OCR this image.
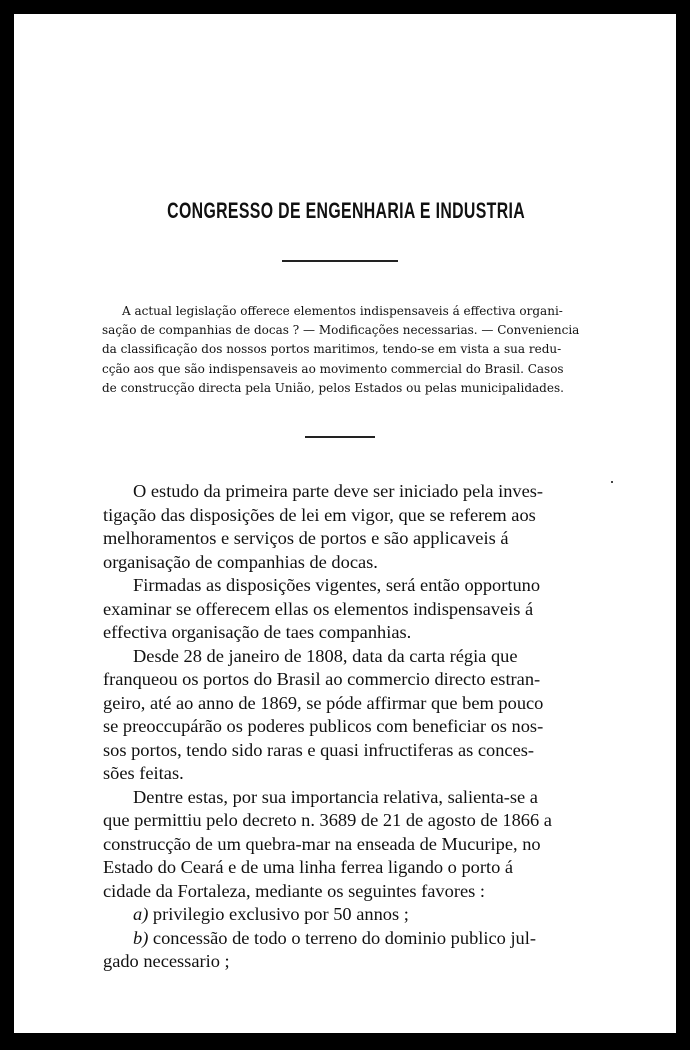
CONGRESSO DE ENGENHARIA E INDUSTRIA
A actual legislação offerece elementos indispensaveis á effectiva organi-
sação de companhias de docas ? — Modificações necessarias. — Conveniencia
da classificação dos nossos portos maritimos, tendo-se em vista a sua redu-
cção aos que são indispensaveis ao movimento commercial do Brasil. Casos
de construcção directa pela União, pelos Estados ou pelas municipalidades.
O estudo da primeira parte deve ser iniciado pela inves-
tigação das disposições de lei em vigor, que se referem aos
melhoramentos e serviços de portos e são applicaveis á
organisação de companhias de docas.
Firmadas as disposições vigentes, será então opportuno
examinar se offerecem ellas os elementos indispensaveis á
effectiva organisação de taes companhias.
Desde 28 de janeiro de 1808, data da carta régia que
franqueou os portos do Brasil ao commercio directo estran-
geiro, até ao anno de 1869, se póde affirmar que bem pouco
se preoccupárão os poderes publicos com beneficiar os nos-
sos portos, tendo sido raras e quasi infructiferas as conces-
sões feitas.
Dentre estas, por sua importancia relativa, salienta-se a
que permittiu pelo decreto n. 3689 de 21 de agosto de 1866 a
construcção de um quebra-mar na enseada de Mucuripe, no
Estado do Ceará e de uma linha ferrea ligando o porto á
cidade da Fortaleza, mediante os seguintes favores :
a) privilegio exclusivo por 50 annos ;
b) concessão de todo o terreno do dominio publico jul-
gado necessario ;
